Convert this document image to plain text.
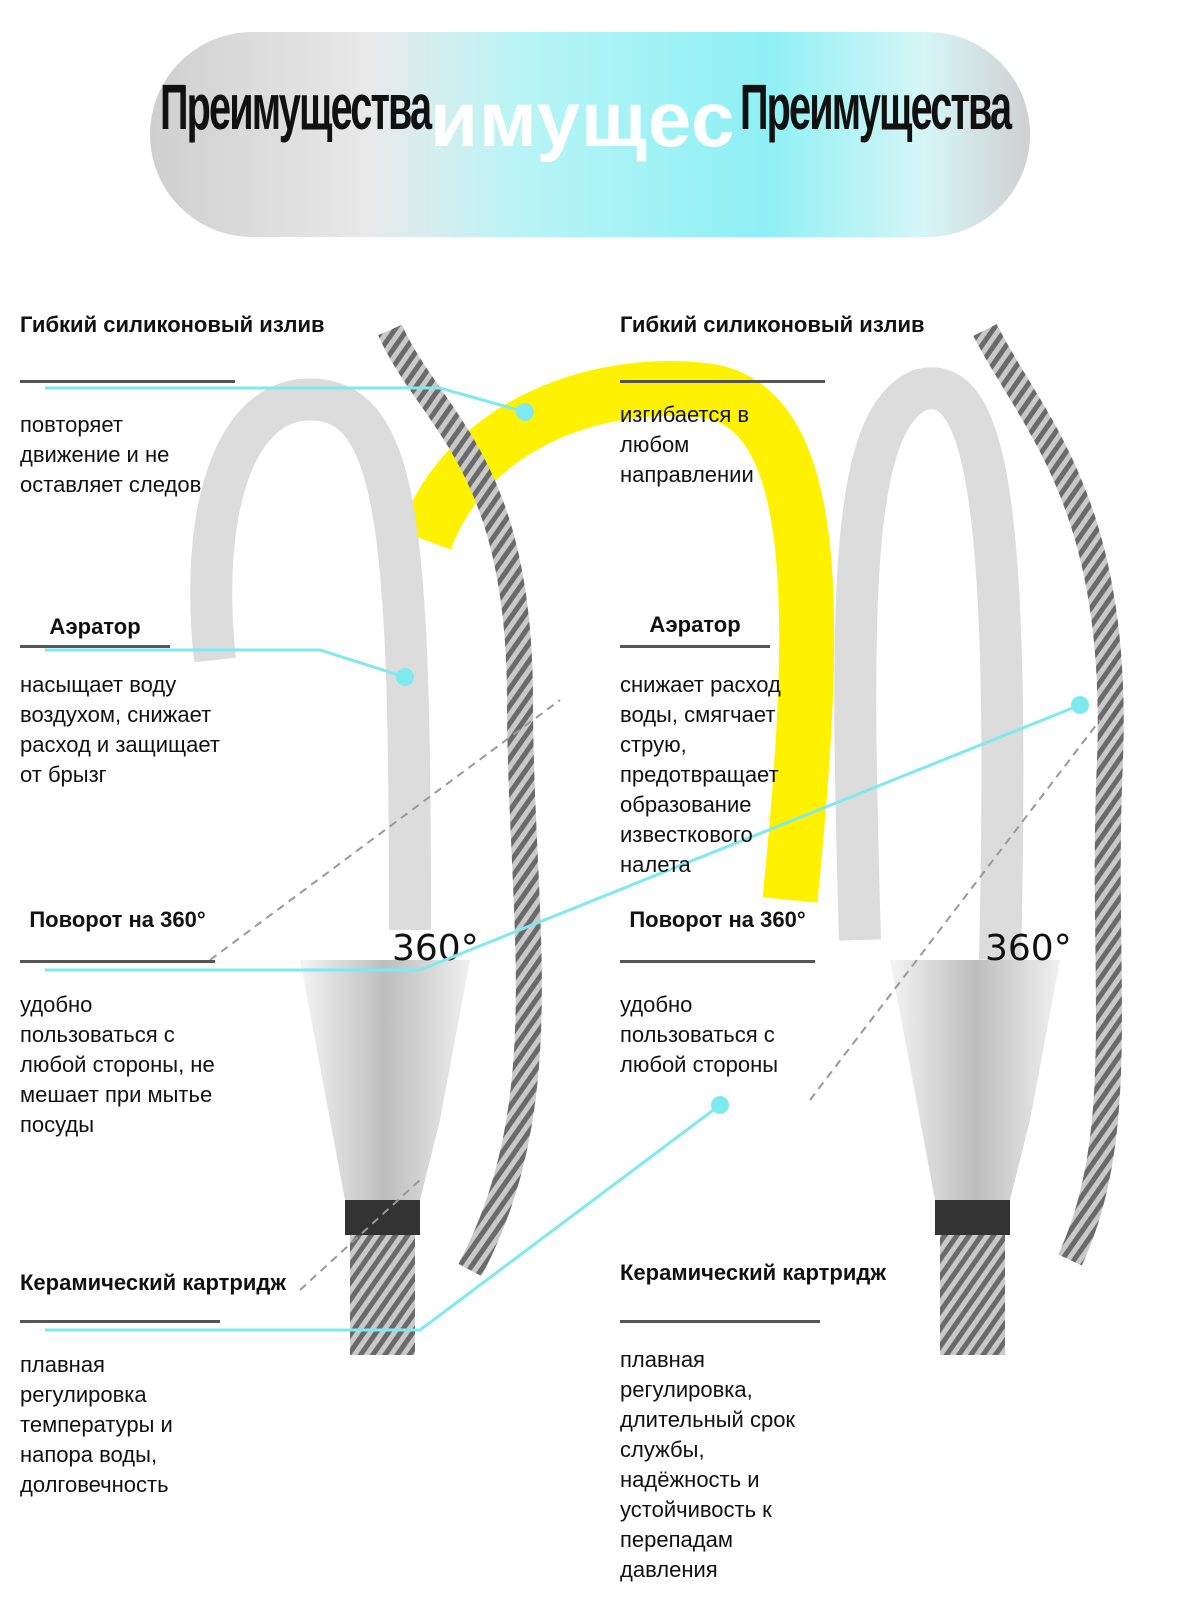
Преимущества имущес Преимущества
360°	360°
Гибкий силиконовый излив
повторяет движение и не оставляет следов
Аэратор
насыщает воду воздухом, снижает расход и защищает от брызг
Поворот на 360°
удобно пользоваться с любой стороны, не мешает при мытье посуды
Керамический картридж
плавная регулировка температуры и напора воды, долговечность
Гибкий силиконовый излив
изгибается в любом направлении
Аэратор
снижает расход воды, смягчает струю, предотвращает образование известкового налета
Поворот на 360°
удобно пользоваться с любой стороны
Керамический картридж
плавная регулировка, длительный срок службы, надёжность и устойчивость к перепадам давления
